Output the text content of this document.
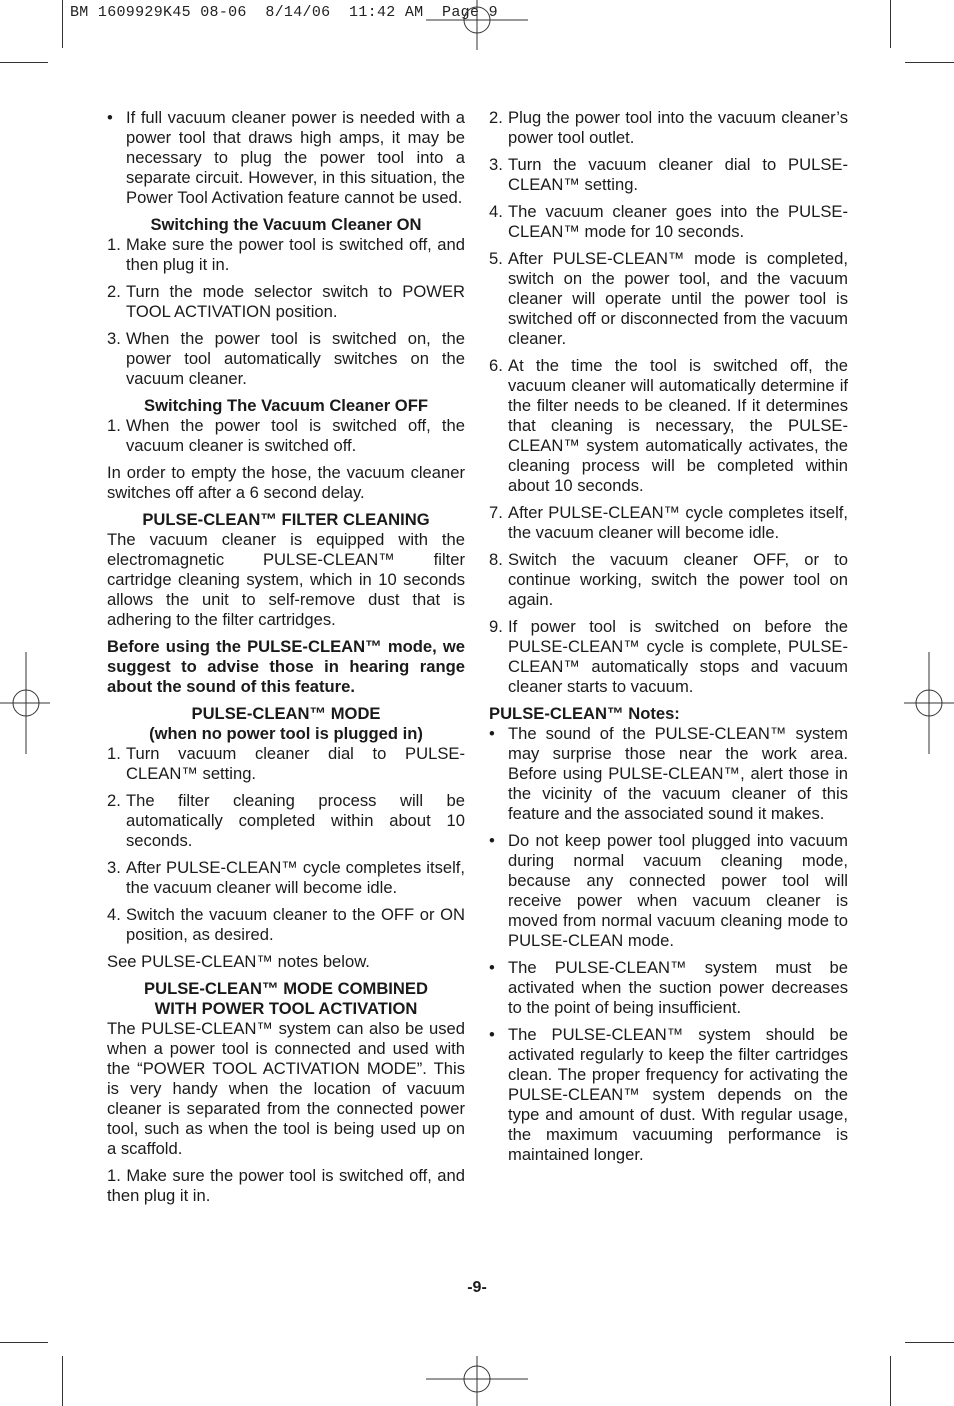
BM 1609929K45 08-06  8/14/06  11:42 AM  Page 9
• If full vacuum cleaner power is needed with a power tool that draws high amps, it may be necessary to plug the power tool into a separate circuit. However, in this situation, the Power Tool Activation feature cannot be used.
Switching the Vacuum Cleaner ON
1. Make sure the power tool is switched off, and then plug it in.
2. Turn the mode selector switch to POWER TOOL ACTIVATION position.
3. When the power tool is switched on, the power tool automatically switches on the vacuum cleaner.
Switching The Vacuum Cleaner OFF
1. When the power tool is switched off, the vacuum cleaner is switched off.
In order to empty the hose, the vacuum cleaner switches off after a 6 second delay.
PULSE-CLEAN™ FILTER CLEANING
The vacuum cleaner is equipped with the electromagnetic PULSE-CLEAN™ filter cartridge cleaning system, which in 10 seconds allows the unit to self-remove dust that is adhering to the filter cartridges.
Before using the PULSE-CLEAN™ mode, we suggest to advise those in hearing range about the sound of this feature.
PULSE-CLEAN™ MODE
(when no power tool is plugged in)
1. Turn vacuum cleaner dial to PULSE-CLEAN™ setting.
2. The filter cleaning process will be automatically completed within about 10 seconds.
3. After PULSE-CLEAN™ cycle completes itself, the vacuum cleaner will become idle.
4. Switch the vacuum cleaner to the OFF or ON position, as desired.
See PULSE-CLEAN™ notes below.
PULSE-CLEAN™ MODE COMBINED
WITH POWER TOOL ACTIVATION
The PULSE-CLEAN™ system can also be used when a power tool is connected and used with the “POWER TOOL ACTIVATION MODE”. This is very handy when the location of vacuum cleaner is separated from the connected power tool, such as when the tool is being used up on a scaffold.
1. Make sure the power tool is switched off, and then plug it in.
2. Plug the power tool into the vacuum cleaner’s power tool outlet.
3. Turn the vacuum cleaner dial to PULSE-CLEAN™ setting.
4. The vacuum cleaner goes into the PULSE-CLEAN™ mode for 10 seconds.
5. After PULSE-CLEAN™ mode is completed, switch on the power tool, and the vacuum cleaner will operate until the power tool is switched off or disconnected from the vacuum cleaner.
6. At the time the tool is switched off, the vacuum cleaner will automatically determine if the filter needs to be cleaned. If it determines that cleaning is necessary, the PULSE-CLEAN™ system automatically activates, the cleaning process will be completed within about 10 seconds.
7. After PULSE-CLEAN™ cycle completes itself, the vacuum cleaner will become idle.
8. Switch the vacuum cleaner OFF, or to continue working, switch the power tool on again.
9. If power tool is switched on before the PULSE-CLEAN™ cycle is complete, PULSE-CLEAN™ automatically stops and vacuum cleaner starts to vacuum.
PULSE-CLEAN™ Notes:
• The sound of the PULSE-CLEAN™ system may surprise those near the work area. Before using PULSE-CLEAN™, alert those in the vicinity of the vacuum cleaner of this feature and the associated sound it makes.
• Do not keep power tool plugged into vacuum during normal vacuum cleaning mode, because any connected power tool will receive power when vacuum cleaner is moved from normal vacuum cleaning mode to PULSE-CLEAN mode.
• The PULSE-CLEAN™ system must be activated when the suction power decreases to the point of being insufficient.
• The PULSE-CLEAN™ system should be activated regularly to keep the filter cartridges clean. The proper frequency for activating the PULSE-CLEAN™ system depends on the type and amount of dust. With regular usage, the maximum vacuuming performance is maintained longer.
-9-
